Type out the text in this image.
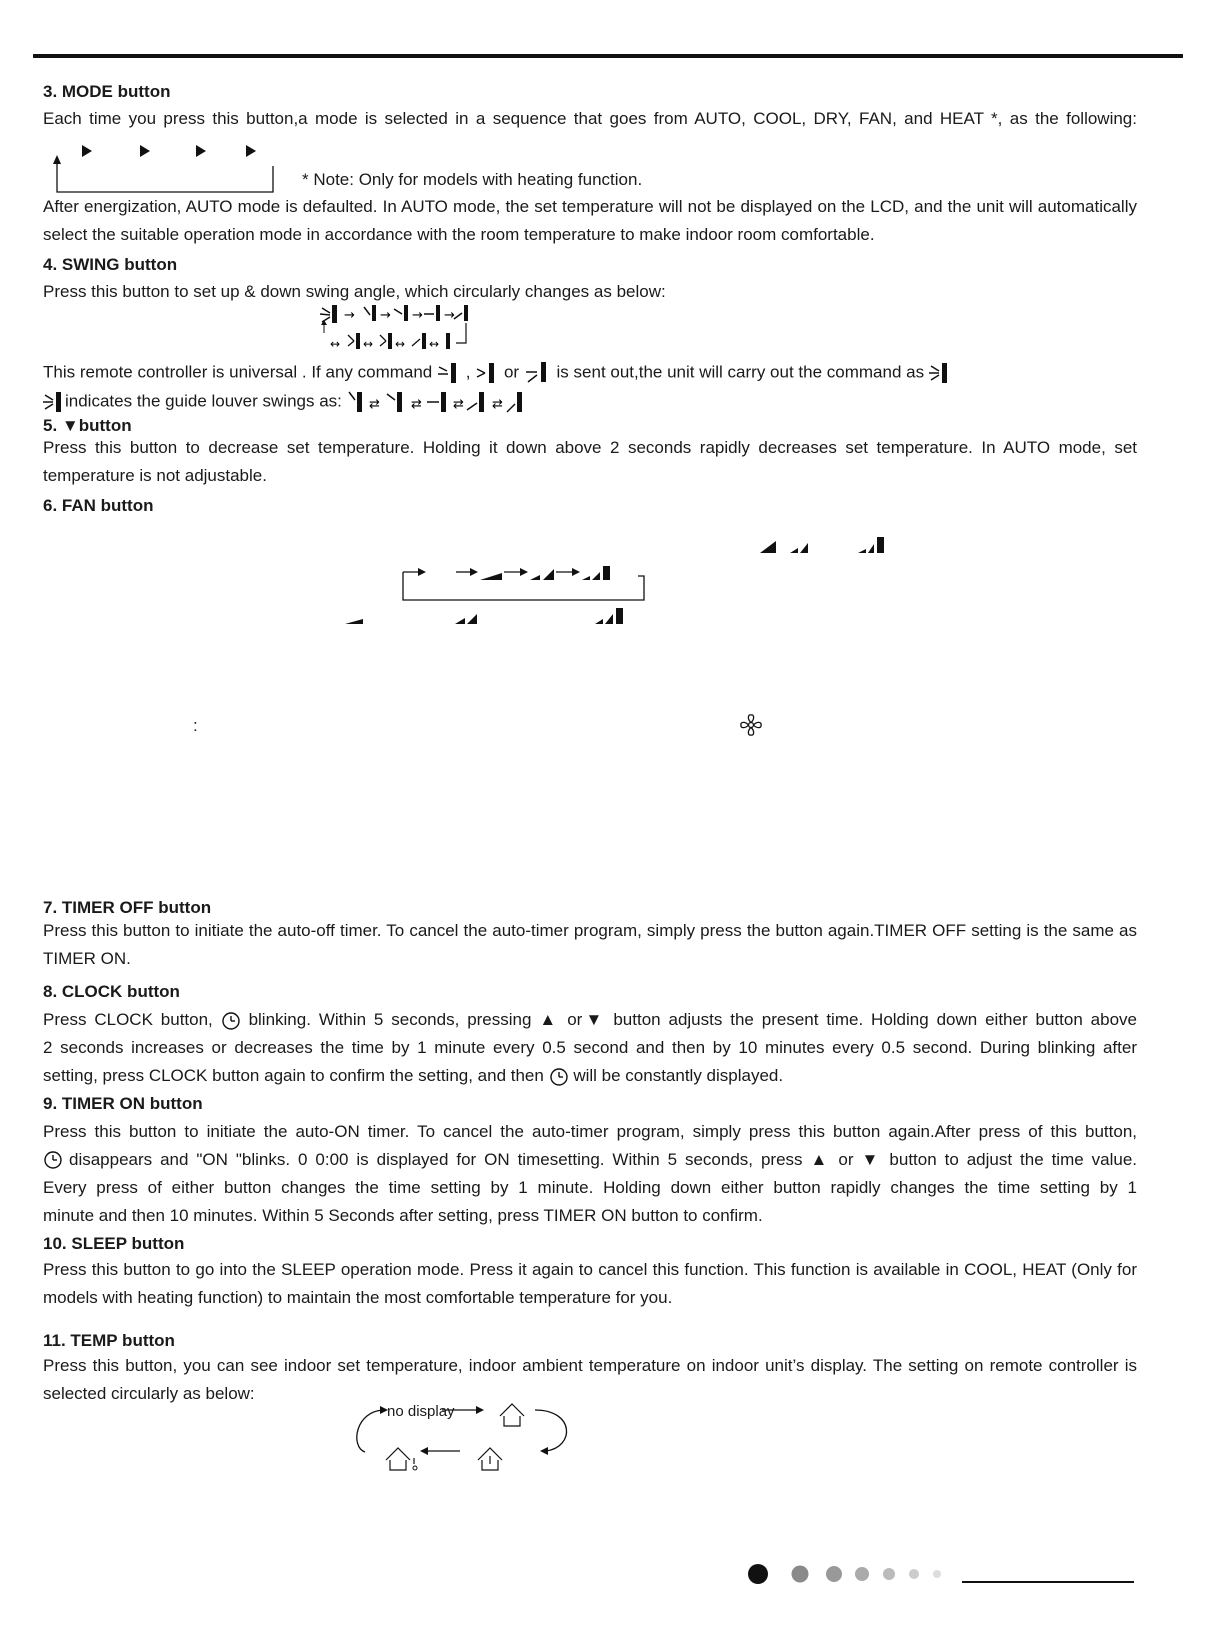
3. MODE button
Each time you press this button,a mode is selected in a sequence that goes from AUTO, COOL, DRY, FAN, and HEAT *, as the following:
* Note: Only for models with heating function.
After energization, AUTO mode is defaulted. In AUTO mode, the set temperature will not be displayed on the LCD, and the unit will automatically select the suitable operation mode in accordance with the room temperature to make indoor room comfortable.
4. SWING button
Press this button to set up & down swing angle, which circularly changes as below:
→ → → →
↔ ↔ ↔ ↔
This remote controller is universal . If any command , or is sent out,the unit will carry out the command as
indicates the guide louver swings as: ⇄ ⇄ ⇄ ⇄
5. ▼button
Press this button to decrease set temperature. Holding it down above 2 seconds rapidly decreases set temperature. In AUTO mode, set temperature is not adjustable.
6. FAN button
:
7. TIMER OFF button
Press this button to initiate the auto-off timer. To cancel the auto-timer program, simply press the button again.TIMER OFF setting is the same as TIMER ON.
8. CLOCK button
Press CLOCK button, blinking. Within 5 seconds, pressing ▲ or▼ button adjusts the present time. Holding down either button above
2 seconds increases or decreases the time by 1 minute every 0.5 second and then by 10 minutes every 0.5 second. During blinking after
setting, press CLOCK button again to confirm the setting, and then will be constantly displayed.
9. TIMER ON button
Press this button to initiate the auto-ON timer. To cancel the auto-timer program, simply press this button again.After press of this button,
disappears and "ON "blinks. 0 0:00 is displayed for ON timesetting. Within 5 seconds, press ▲ or ▼ button to adjust the time value.
Every press of either button changes the time setting by 1 minute. Holding down either button rapidly changes the time setting by 1
minute and then 10 minutes. Within 5 Seconds after setting, press TIMER ON button to confirm.
10. SLEEP button
Press this button to go into the SLEEP operation mode. Press it again to cancel this function. This function is available in COOL, HEAT (Only for models with heating function) to maintain the most comfortable temperature for you.
11. TEMP button
Press this button, you can see indoor set temperature, indoor ambient temperature on indoor unit’s display. The setting on remote controller is selected circularly as below:
no display
